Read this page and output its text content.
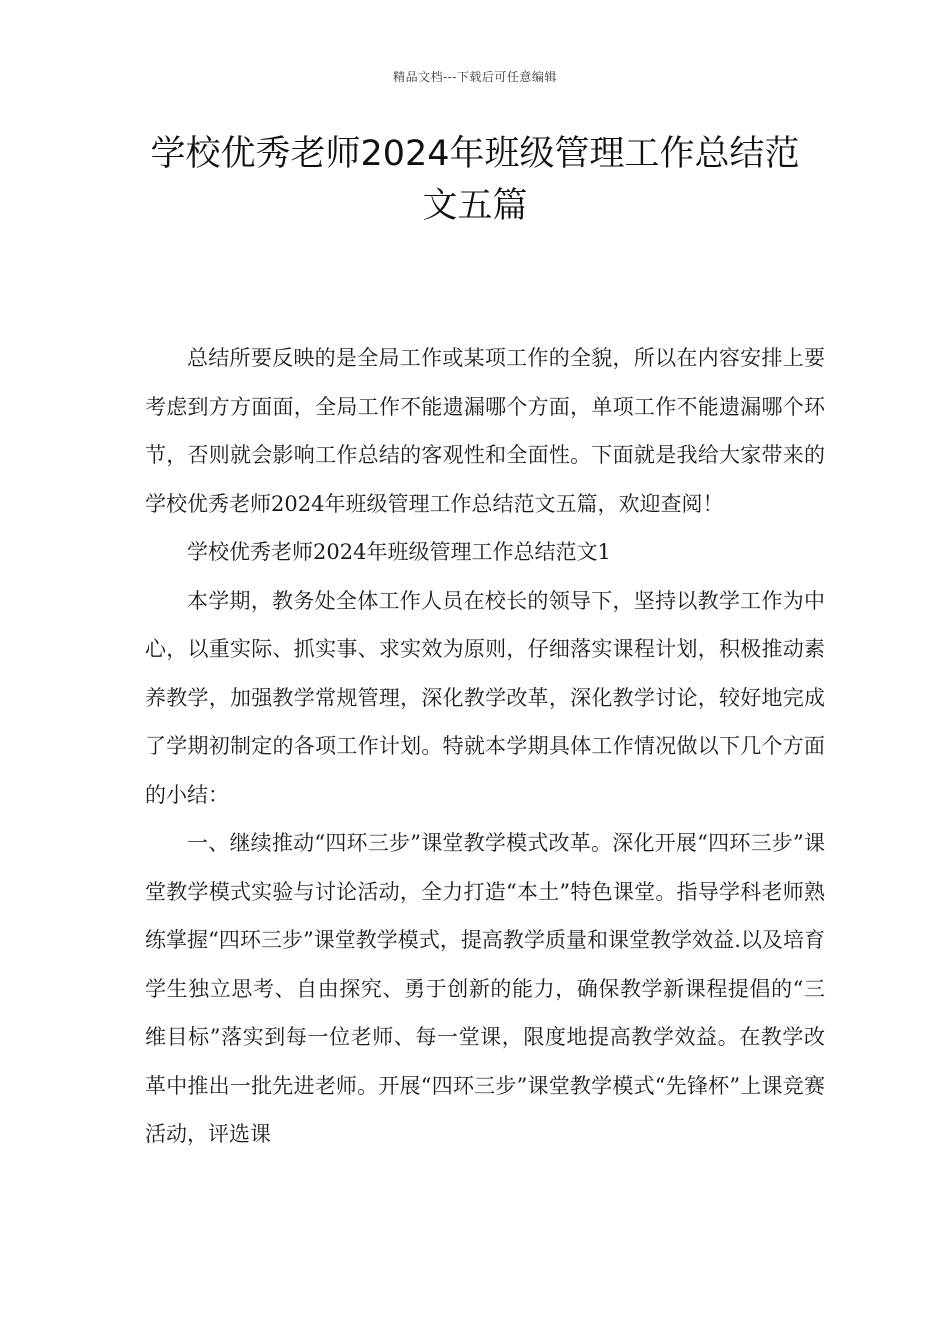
精品文档---下载后可任意编辑
学校优秀老师2024年班级管理工作总结范文五篇

总结所要反映的是全局工作或某项工作的全貌，所以在内容安排上要考虑到方方面面，全局工作不能遗漏哪个方面，单项工作不能遗漏哪个环节，否则就会影响工作总结的客观性和全面性。下面就是我给大家带来的学校优秀老师2024年班级管理工作总结范文五篇，欢迎查阅！

学校优秀老师2024年班级管理工作总结范文1

本学期，教务处全体工作人员在校长的领导下，坚持以教学工作为中心，以重实际、抓实事、求实效为原则，仔细落实课程计划，积极推动素养教学，加强教学常规管理，深化教学改革，深化教学讨论，较好地完成了学期初制定的各项工作计划。特就本学期具体工作情况做以下几个方面的小结：

一、继续推动“四环三步”课堂教学模式改革。深化开展“四环三步”课堂教学模式实验与讨论活动，全力打造“本土”特色课堂。指导学科老师熟练掌握“四环三步”课堂教学模式，提高教学质量和课堂教学效益.以及培育学生独立思考、自由探究、勇于创新的能力，确保教学新课程提倡的“三维目标”落实到每一位老师、每一堂课，限度地提高教学效益。在教学改革中推出一批先进老师。开展“四环三步”课堂教学模式“先锋杯”上课竞赛活动，评选课
